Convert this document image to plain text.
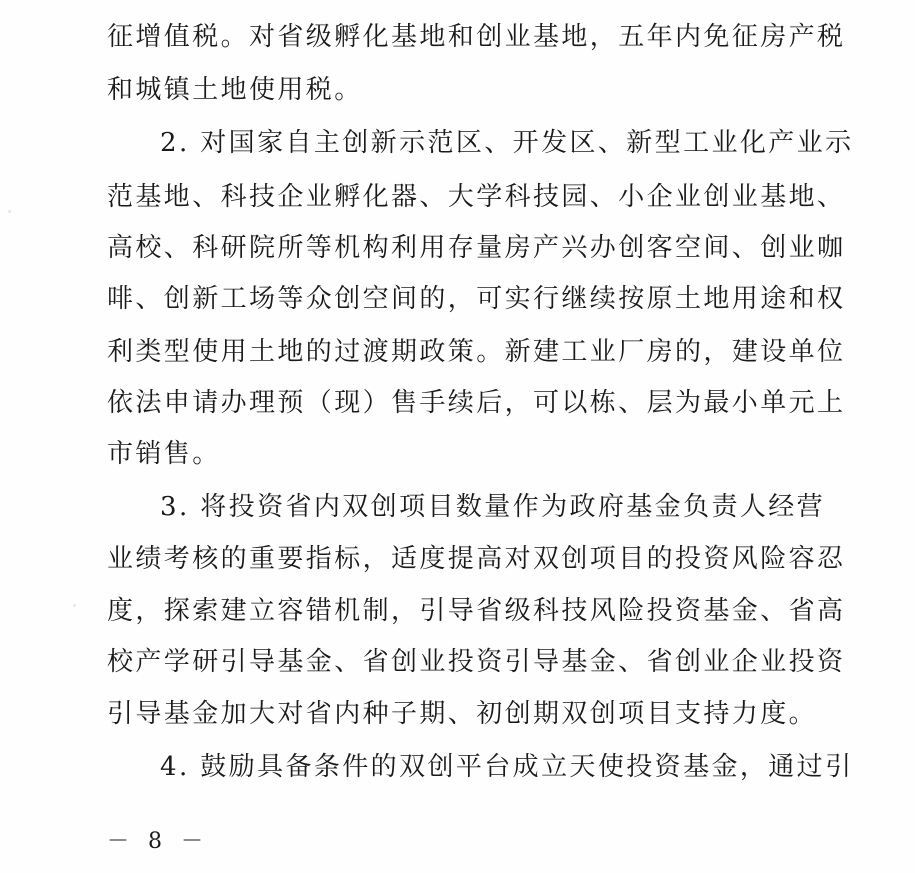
征增值税。对省级孵化基地和创业基地，五年内免征房产税
和城镇土地使用税。
2. 对国家自主创新示范区、开发区、新型工业化产业示
范基地、科技企业孵化器、大学科技园、小企业创业基地、
高校、科研院所等机构利用存量房产兴办创客空间、创业咖
啡、创新工场等众创空间的，可实行继续按原土地用途和权
利类型使用土地的过渡期政策。新建工业厂房的，建设单位
依法申请办理预（现）售手续后，可以栋、层为最小单元上
市销售。
3. 将投资省内双创项目数量作为政府基金负责人经营
业绩考核的重要指标，适度提高对双创项目的投资风险容忍
度，探索建立容错机制，引导省级科技风险投资基金、省高
校产学研引导基金、省创业投资引导基金、省创业企业投资
引导基金加大对省内种子期、初创期双创项目支持力度。
4. 鼓励具备条件的双创平台成立天使投资基金，通过引
－ 8 －
